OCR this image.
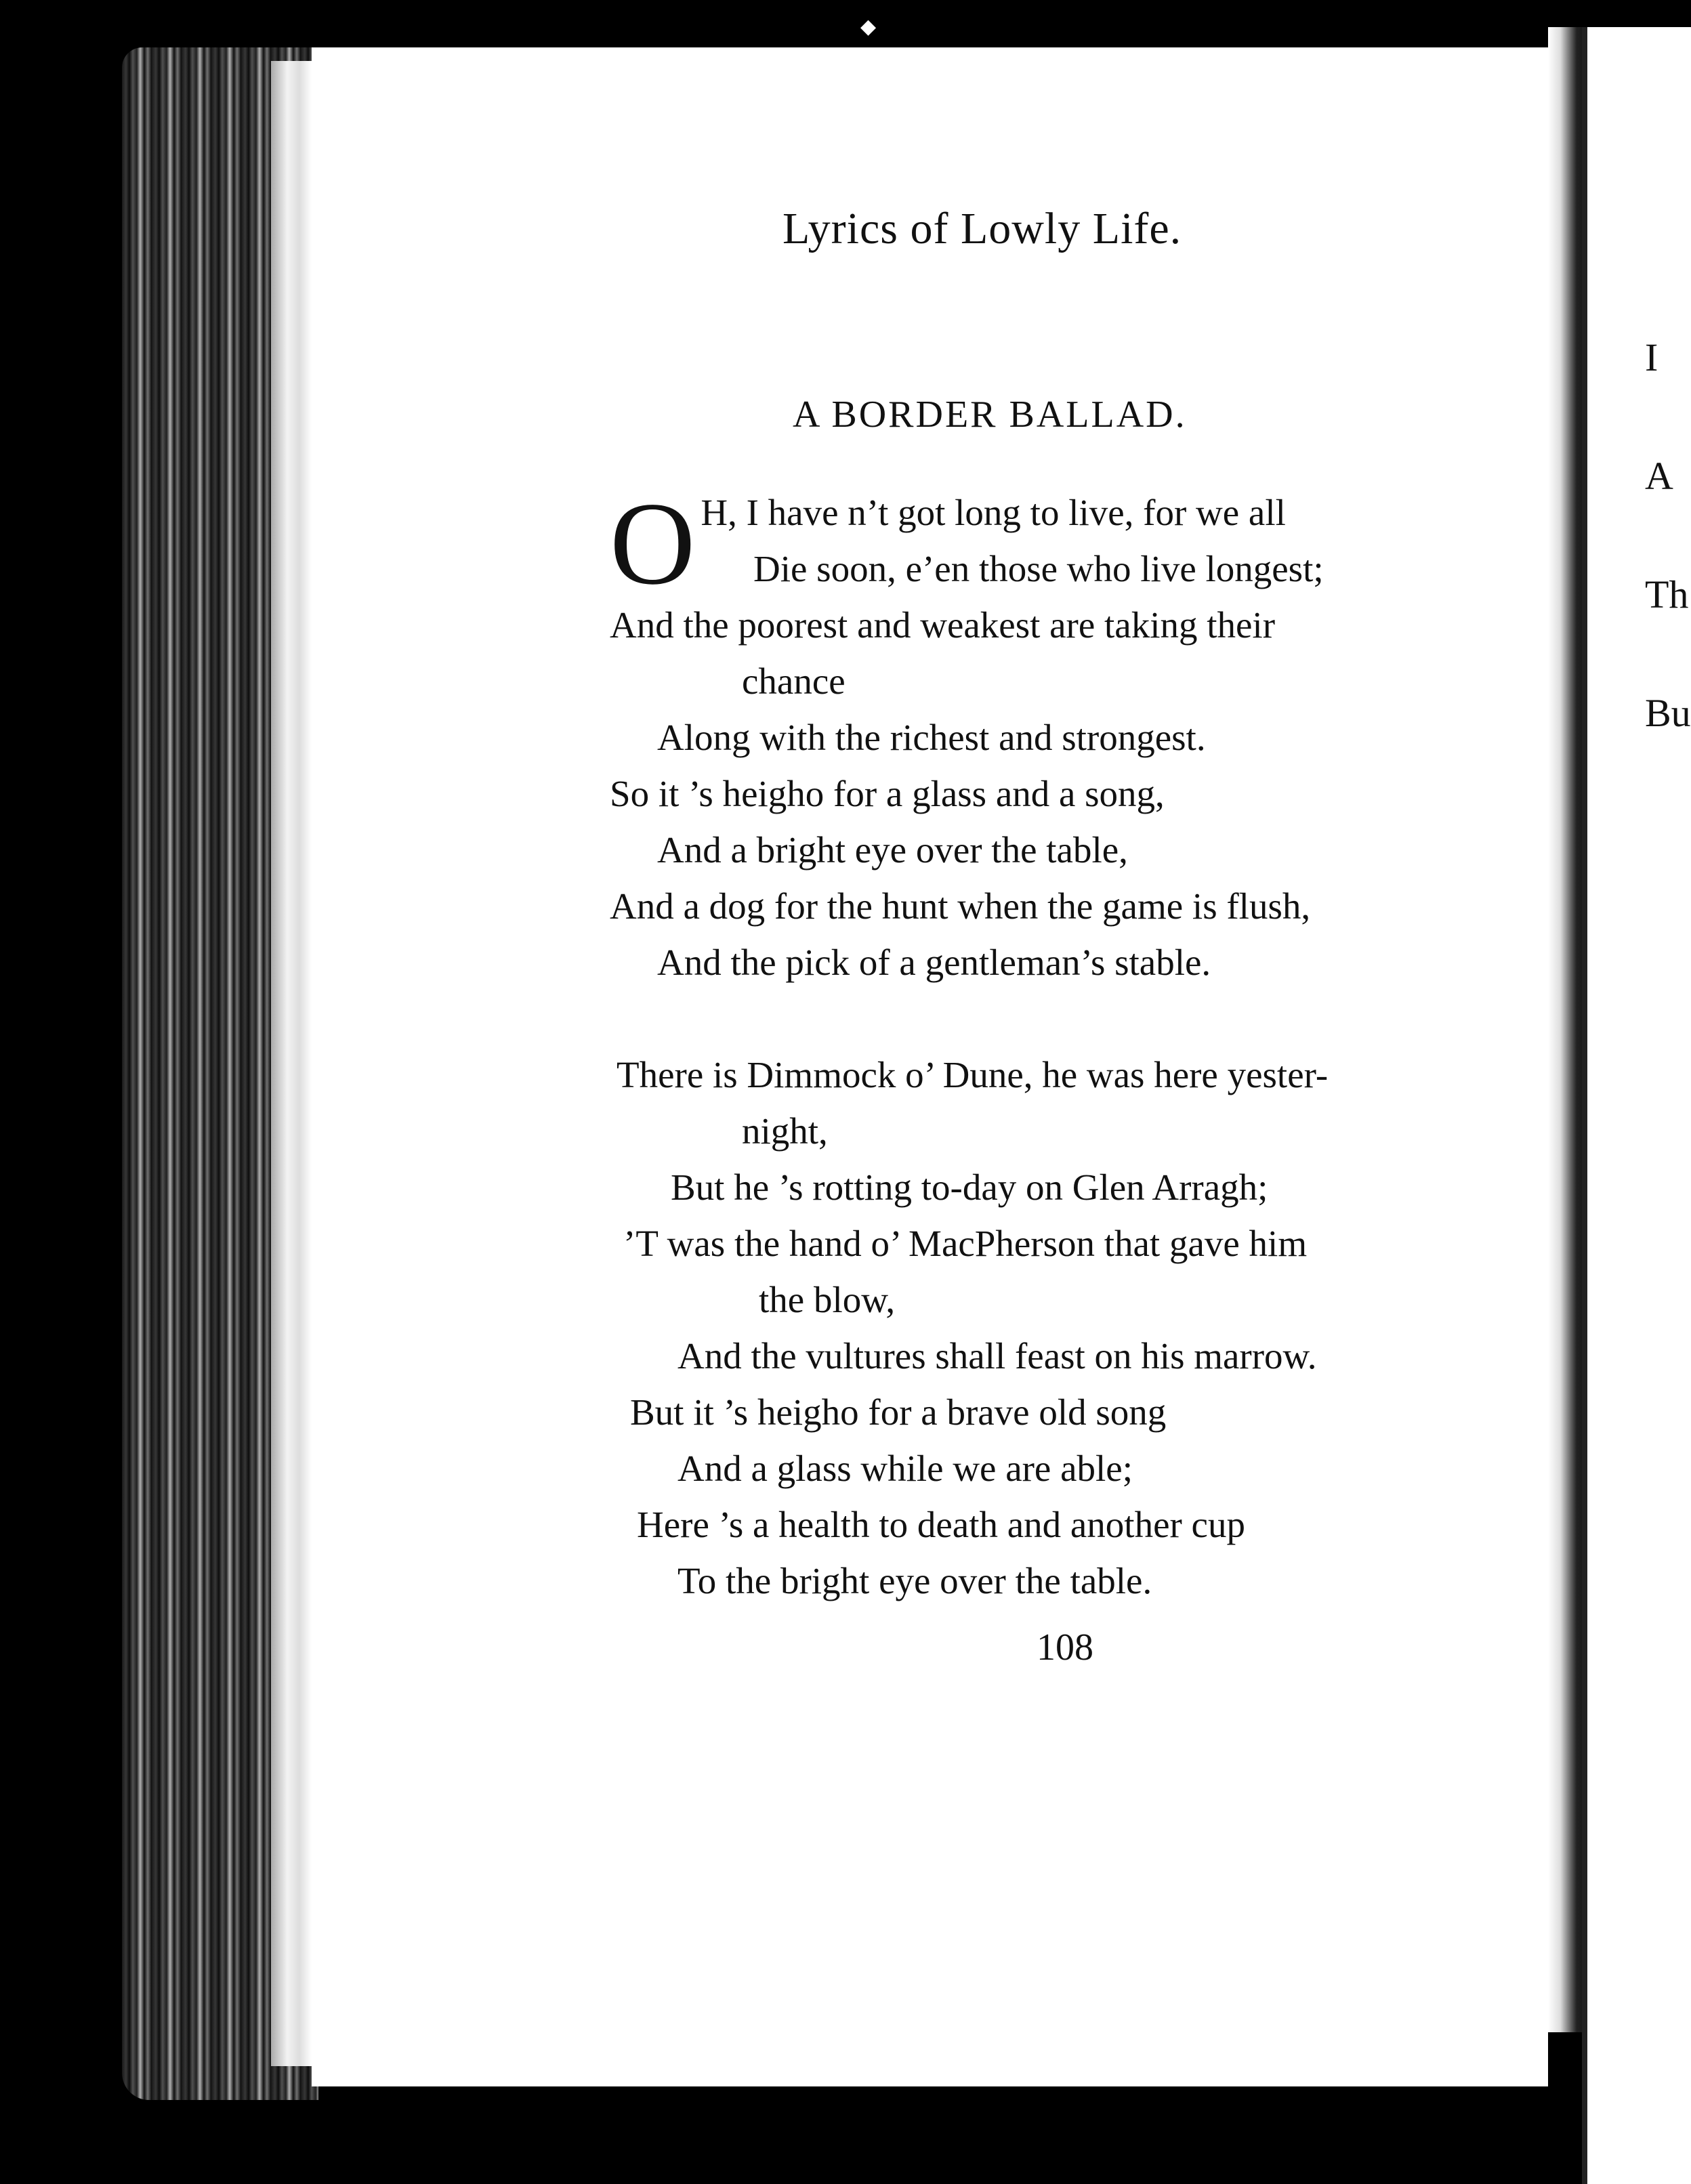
◆
Lyrics of Lowly Life.
A BORDER BALLAD.
O H, I have n’t got long to live, for we all
Die soon, e’en those who live longest;
And the poorest and weakest are taking their
chance
Along with the richest and strongest.
So it ’s heigho for a glass and a song,
And a bright eye over the table,
And a dog for the hunt when the game is flush,
And the pick of a gentleman’s stable.
There is Dimmock o’ Dune, he was here yester-
night,
But he ’s rotting to-day on Glen Arragh;
’T was the hand o’ MacPherson that gave him
the blow,
And the vultures shall feast on his marrow.
But it ’s heigho for a brave old song
And a glass while we are able;
Here ’s a health to death and another cup
To the bright eye over the table.
108
I
A
Th
Bu
